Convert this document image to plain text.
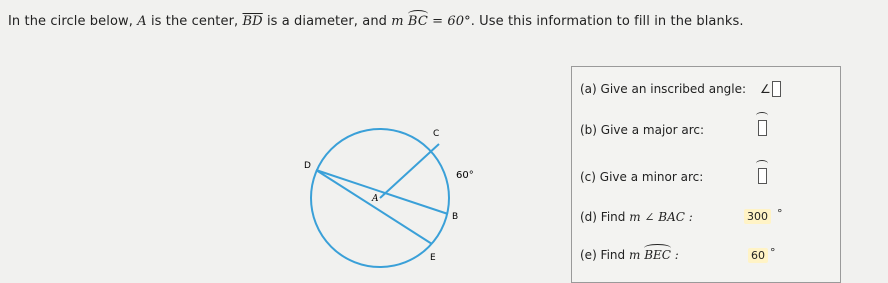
In the circle below, A is the center, $\overline{BD}$ is a diameter, and m BC = 60°. Use this information to fill in the blanks.
C
D
A
B
E
60°
(a) Give an inscribed angle: ∠
(b) Give a major arc:
(c) Give a minor arc:
(d) Find m ∠ BAC :	300 °
(e) Find m BEC :	60 °
